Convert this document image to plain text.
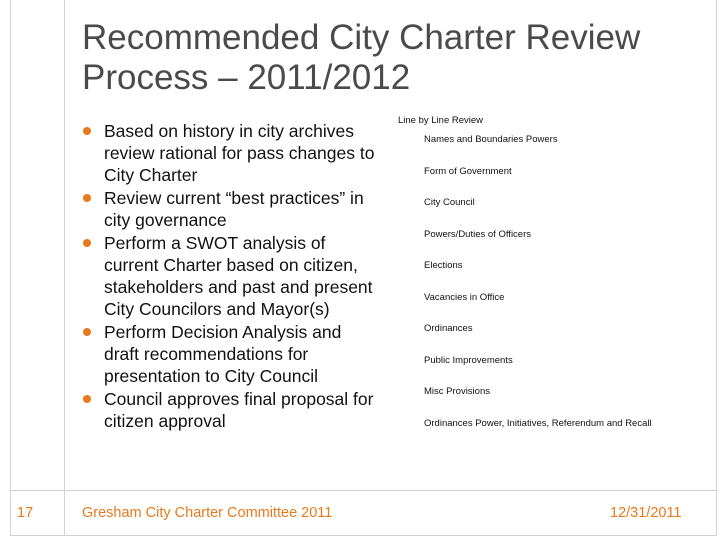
Recommended City Charter Review
Process – 2011/2012
Based on history in city archives review rational for pass changes to City Charter
Review current “best practices” in city governance
Perform a SWOT analysis of current Charter based on citizen, stakeholders and past and present City Councilors and Mayor(s)
Perform Decision Analysis and draft recommendations for presentation to City Council
Council approves final proposal for citizen approval

Line by Line Review

Names and Boundaries Powers
Form of Government
City Council
Powers/Duties of Officers
Elections
Vacancies in Office
Ordinances
Public Improvements
Misc Provisions
Ordinances Power, Initiatives, Referendum and Recall
17	Gresham City Charter Committee 2011	12/31/2011
